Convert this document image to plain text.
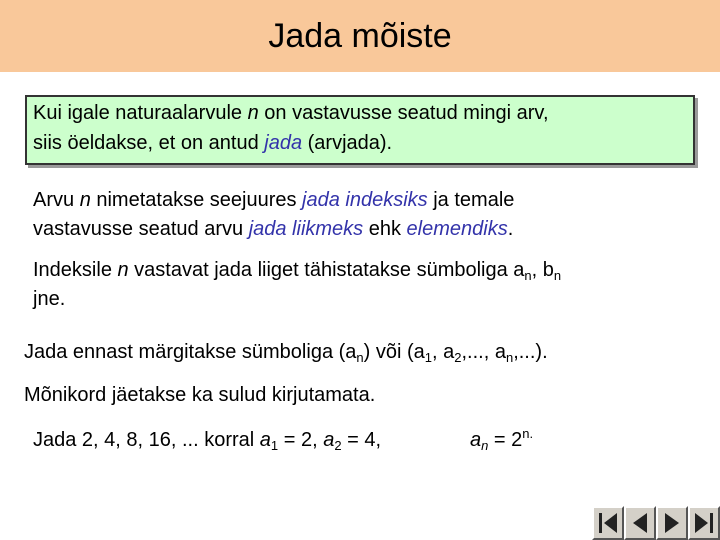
Jada mõiste
Kui igale naturaalarvule n on vastavusse seatud mingi arv,
siis öeldakse, et on antud jada (arvjada).
Arvu n nimetatakse seejuures jada indeksiks ja temale
vastavusse seatud arvu jada liikmeks ehk elemendiks.
Indeksile n vastavat jada liiget tähistatakse sümboliga $a_n$, $b_n$
jne.
Jada ennast märgitakse sümboliga $(a_n)$ või ($a_1$, $a_2$,..., $a_n$,...).
Mõnikord jäetakse ka sulud kirjutamata.
Jada 2, 4, 8, 16, ... korral $a_1 = 2$, $a_2 = 4$,	$a_n = 2^{n.}$
